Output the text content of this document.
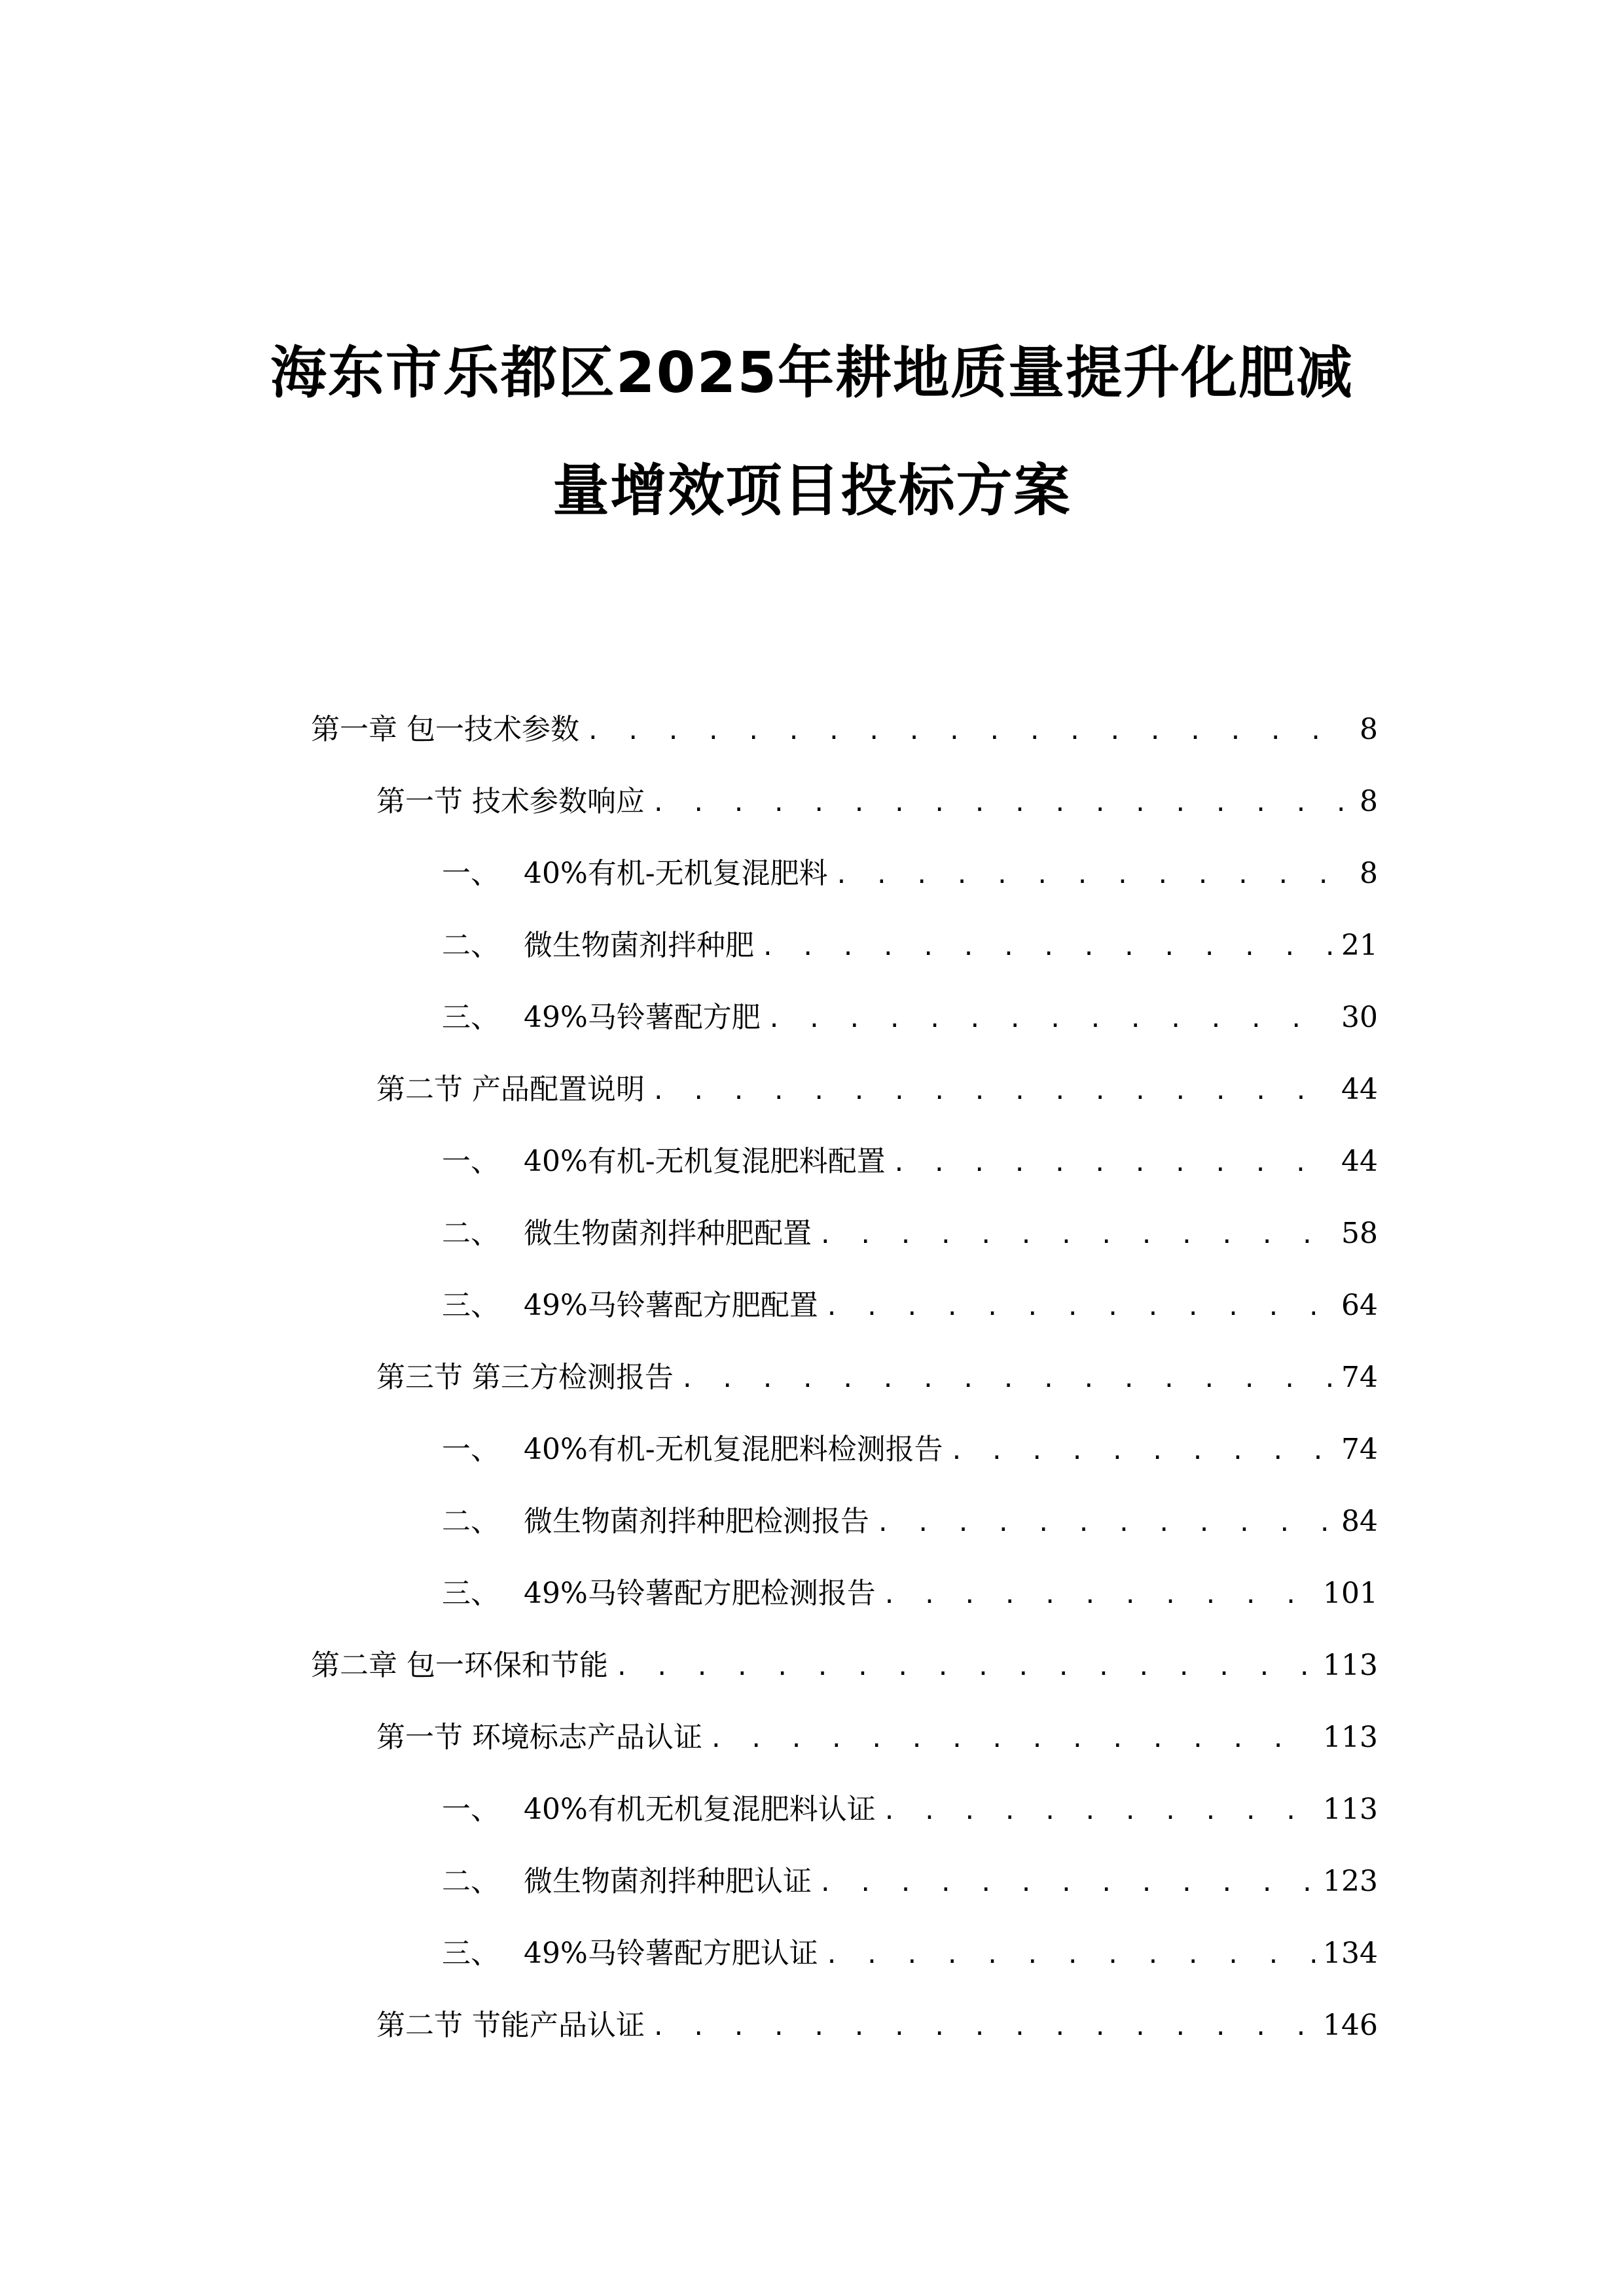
海东市乐都区2025年耕地质量提升化肥减
量增效项目投标方案
第一章 包一技术参数 . . .	8
第一节 技术参数响应 . . .	8
一、 40%有机-无机复混肥料 . . .	8
二、 微生物菌剂拌种肥 . . .	21
三、 49%马铃薯配方肥 . . .	30
第二节 产品配置说明 . . .	44
一、 40%有机-无机复混肥料配置 . . .	44
二、 微生物菌剂拌种肥配置 . . .	58
三、 49%马铃薯配方肥配置 . . .	64
第三节 第三方检测报告 . . .	74
一、 40%有机-无机复混肥料检测报告 . . .	74
二、 微生物菌剂拌种肥检测报告 . . .	84
三、 49%马铃薯配方肥检测报告 . . .	101
第二章 包一环保和节能 . . .	113
第一节 环境标志产品认证 . . .	113
一、 40%有机无机复混肥料认证 . . .	113
二、 微生物菌剂拌种肥认证 . . .	123
三、 49%马铃薯配方肥认证 . . .	134
第二节 节能产品认证 . . .	146
